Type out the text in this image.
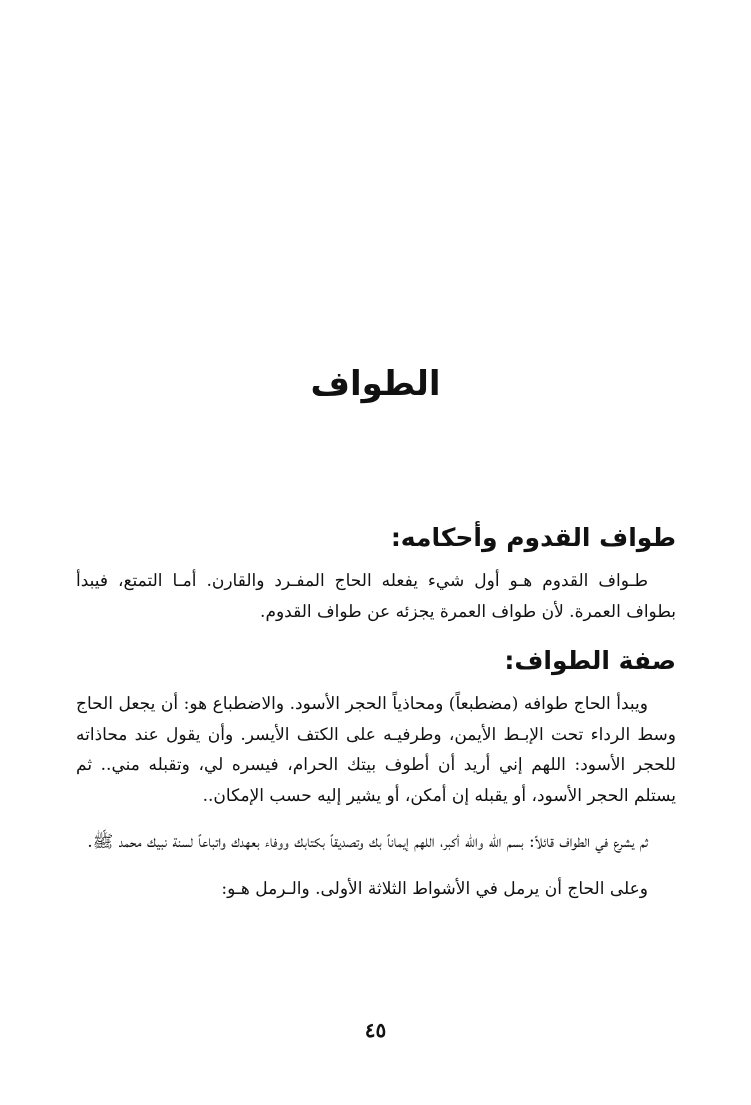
الطواف
طواف القدوم وأحكامه:

طـواف القدوم هـو أول شيء يفعله الحاج المفـرد والقارن. أمـا التمتع، فيبدأ بطواف العمرة. لأن طواف العمرة يجزئه عن طواف القدوم.

صفة الطواف:

ويبدأ الحاج طوافه (مضطبعاً) ومحاذياً الحجر الأسود. والاضطباع هو: أن يجعل الحاج وسط الرداء تحت الإبـط الأيمن، وطرفيـه على الكتف الأيسر. وأن يقول عند محاذاته للحجر الأسود: اللهم إني أريد أن أطوف بيتك الحرام، فيسره لي، وتقبله مني.. ثم يستلم الحجر الأسود، أو يقبله إن أمكن، أو يشير إليه حسب الإمكان..

ثم يشرع في الطواف قائلاً: بسم الله والله أكبر، اللهم إيماناً بك وتصديقاً بكتابك ووفاء بعهدك واتباعاً لسنة نبيك محمد ﷺ.

وعلى الحاج أن يرمل في الأشواط الثلاثة الأولى. والـرمل هـو:

٤٥
